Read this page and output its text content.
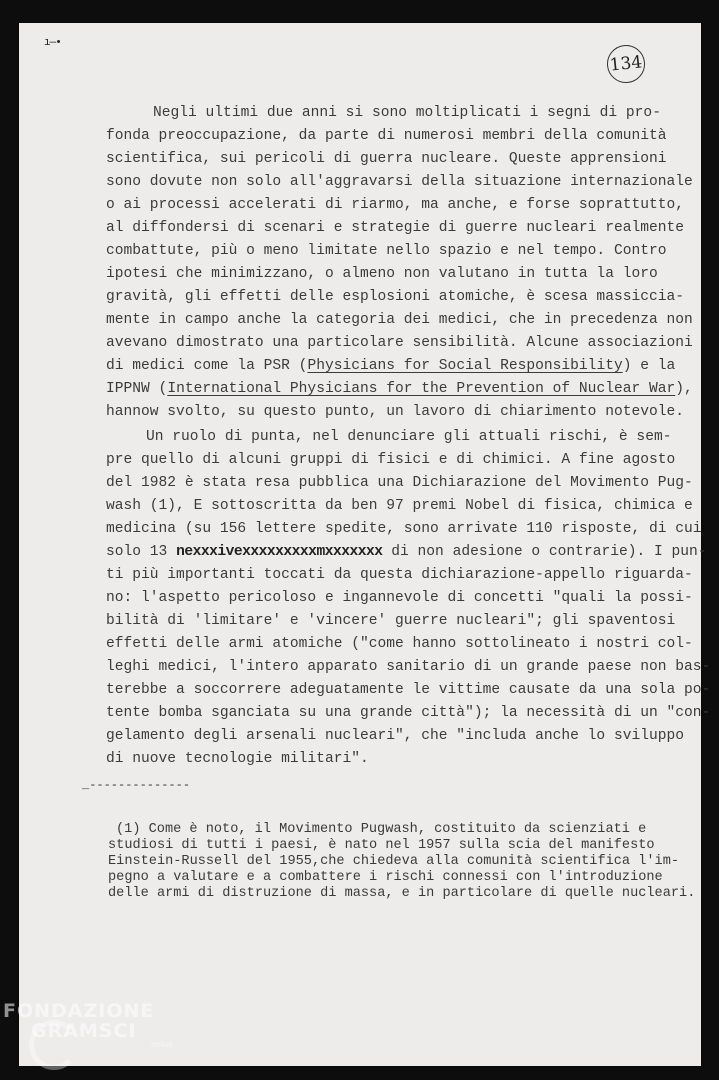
ı—•
134
Negli ultimi due anni si sono moltiplicati i segni di pro-
fonda preoccupazione, da parte di numerosi membri della comunità
scientifica, sui pericoli di guerra nucleare. Queste apprensioni
sono dovute non solo all'aggravarsi della situazione internazionale
o ai processi accelerati di riarmo, ma anche, e forse soprattutto,
al diffondersi di scenari e strategie di guerre nucleari realmente
combattute, più o meno limitate nello spazio e nel tempo. Contro
ipotesi che minimizzano, o almeno non valutano in tutta la loro
gravità, gli effetti delle esplosioni atomiche, è scesa massiccia-
mente in campo anche la categoria dei medici, che in precedenza non
avevano dimostrato una particolare sensibilità. Alcune associazioni
di medici come la PSR (Physicians for Social Responsibility) e la
IPPNW (International Physicians for the Prevention of Nuclear War),
hannow svolto, su questo punto, un lavoro di chiarimento notevole.
Un ruolo di punta, nel denunciare gli attuali rischi, è sem-
pre quello di alcuni gruppi di fisici e di chimici. A fine agosto
del 1982 è stata resa pubblica una Dichiarazione del Movimento Pug-
wash (1), E sottoscritta da ben 97 premi Nobel di fisica, chimica e
medicina (su 156 lettere spedite, sono arrivate 110 risposte, di cui
solo 13 nexxxivexxxxxxxxxmxxxxxxx di non adesione o contrarie). I pun-
ti più importanti toccati da questa dichiarazione-appello riguarda-
no: l'aspetto pericoloso e ingannevole di concetti "quali la possi-
bilità di 'limitare' e 'vincere' guerre nucleari"; gli spaventosi
effetti delle armi atomiche ("come hanno sottolineato i nostri col-
leghi medici, l'intero apparato sanitario di un grande paese non bas-
terebbe a soccorrere adeguatamente le vittime causate da una sola po-
tente bomba sganciata su una grande città"); la necessità di un "con-
gelamento degli arsenali nucleari", che "includa anche lo sviluppo
di nuove tecnologie militari".
_--------------
(1) Come è noto, il Movimento Pugwash, costituito da scienziati e
studiosi di tutti i paesi, è nato nel 1957 sulla scia del manifesto
Einstein-Russell del 1955,che chiedeva alla comunità scientifica l'im-
pegno a valutare e a combattere i rischi connessi con l'introduzione
delle armi di distruzione di massa, e in particolare di quelle nucleari.
FONDAZIONE
GRAMSCI
onlus
